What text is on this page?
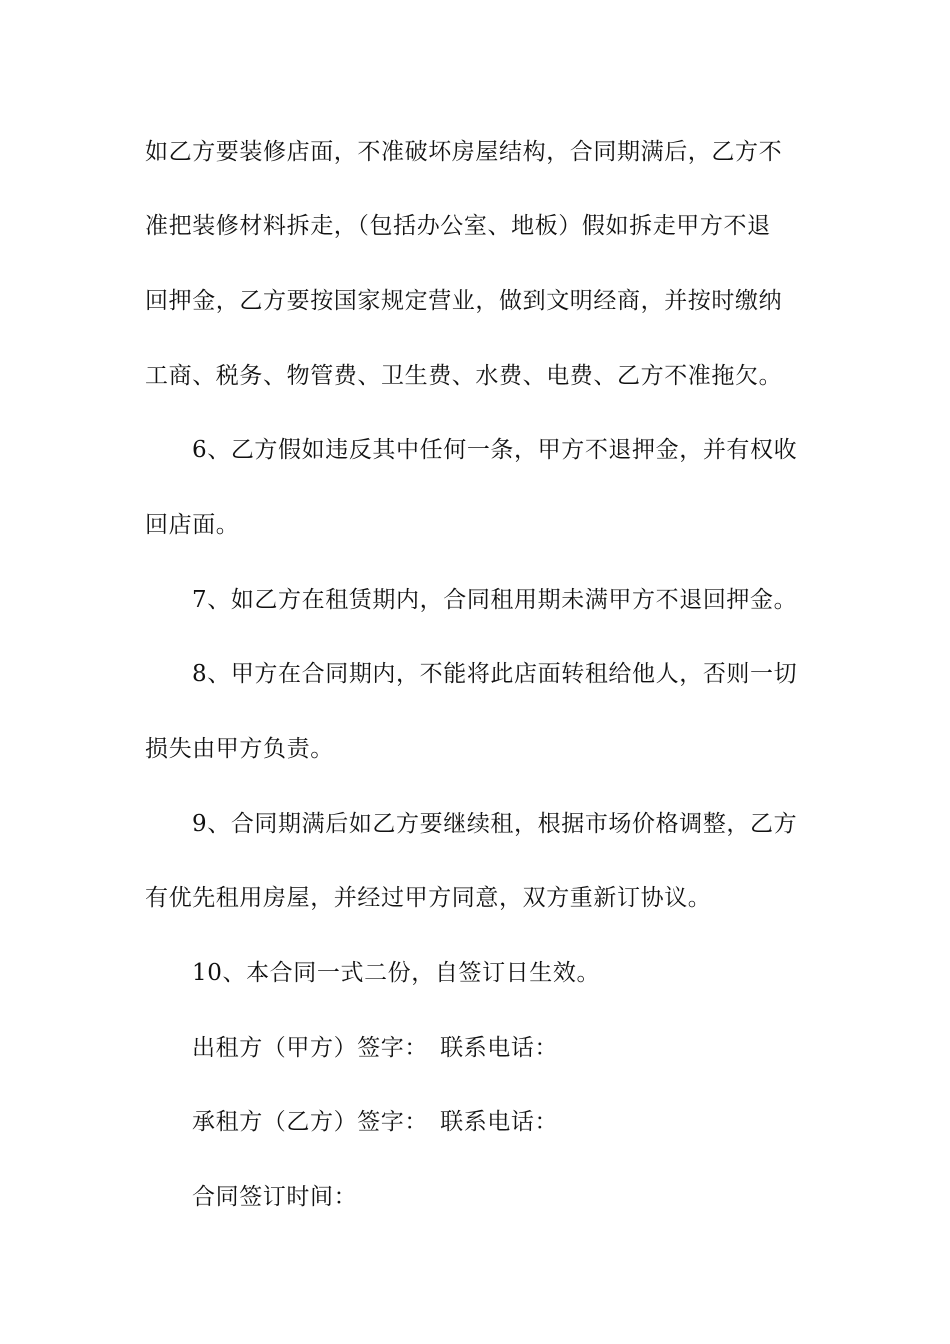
如乙方要装修店面，不准破坏房屋结构，合同期满后，乙方不
准把装修材料拆走，（包括办公室、地板）假如拆走甲方不退
回押金，乙方要按国家规定营业，做到文明经商，并按时缴纳
工商、税务、物管费、卫生费、水费、电费、乙方不准拖欠。
6、乙方假如违反其中任何一条，甲方不退押金，并有权收
回店面。
7、如乙方在租赁期内，合同租用期未满甲方不退回押金。
8、甲方在合同期内，不能将此店面转租给他人，否则一切
损失由甲方负责。
9、合同期满后如乙方要继续租，根据市场价格调整，乙方
有优先租用房屋，并经过甲方同意，双方重新订协议。
10、本合同一式二份，自签订日生效。
出租方（甲方）签字：　联系电话：
承租方（乙方）签字：　联系电话：
合同签订时间：
